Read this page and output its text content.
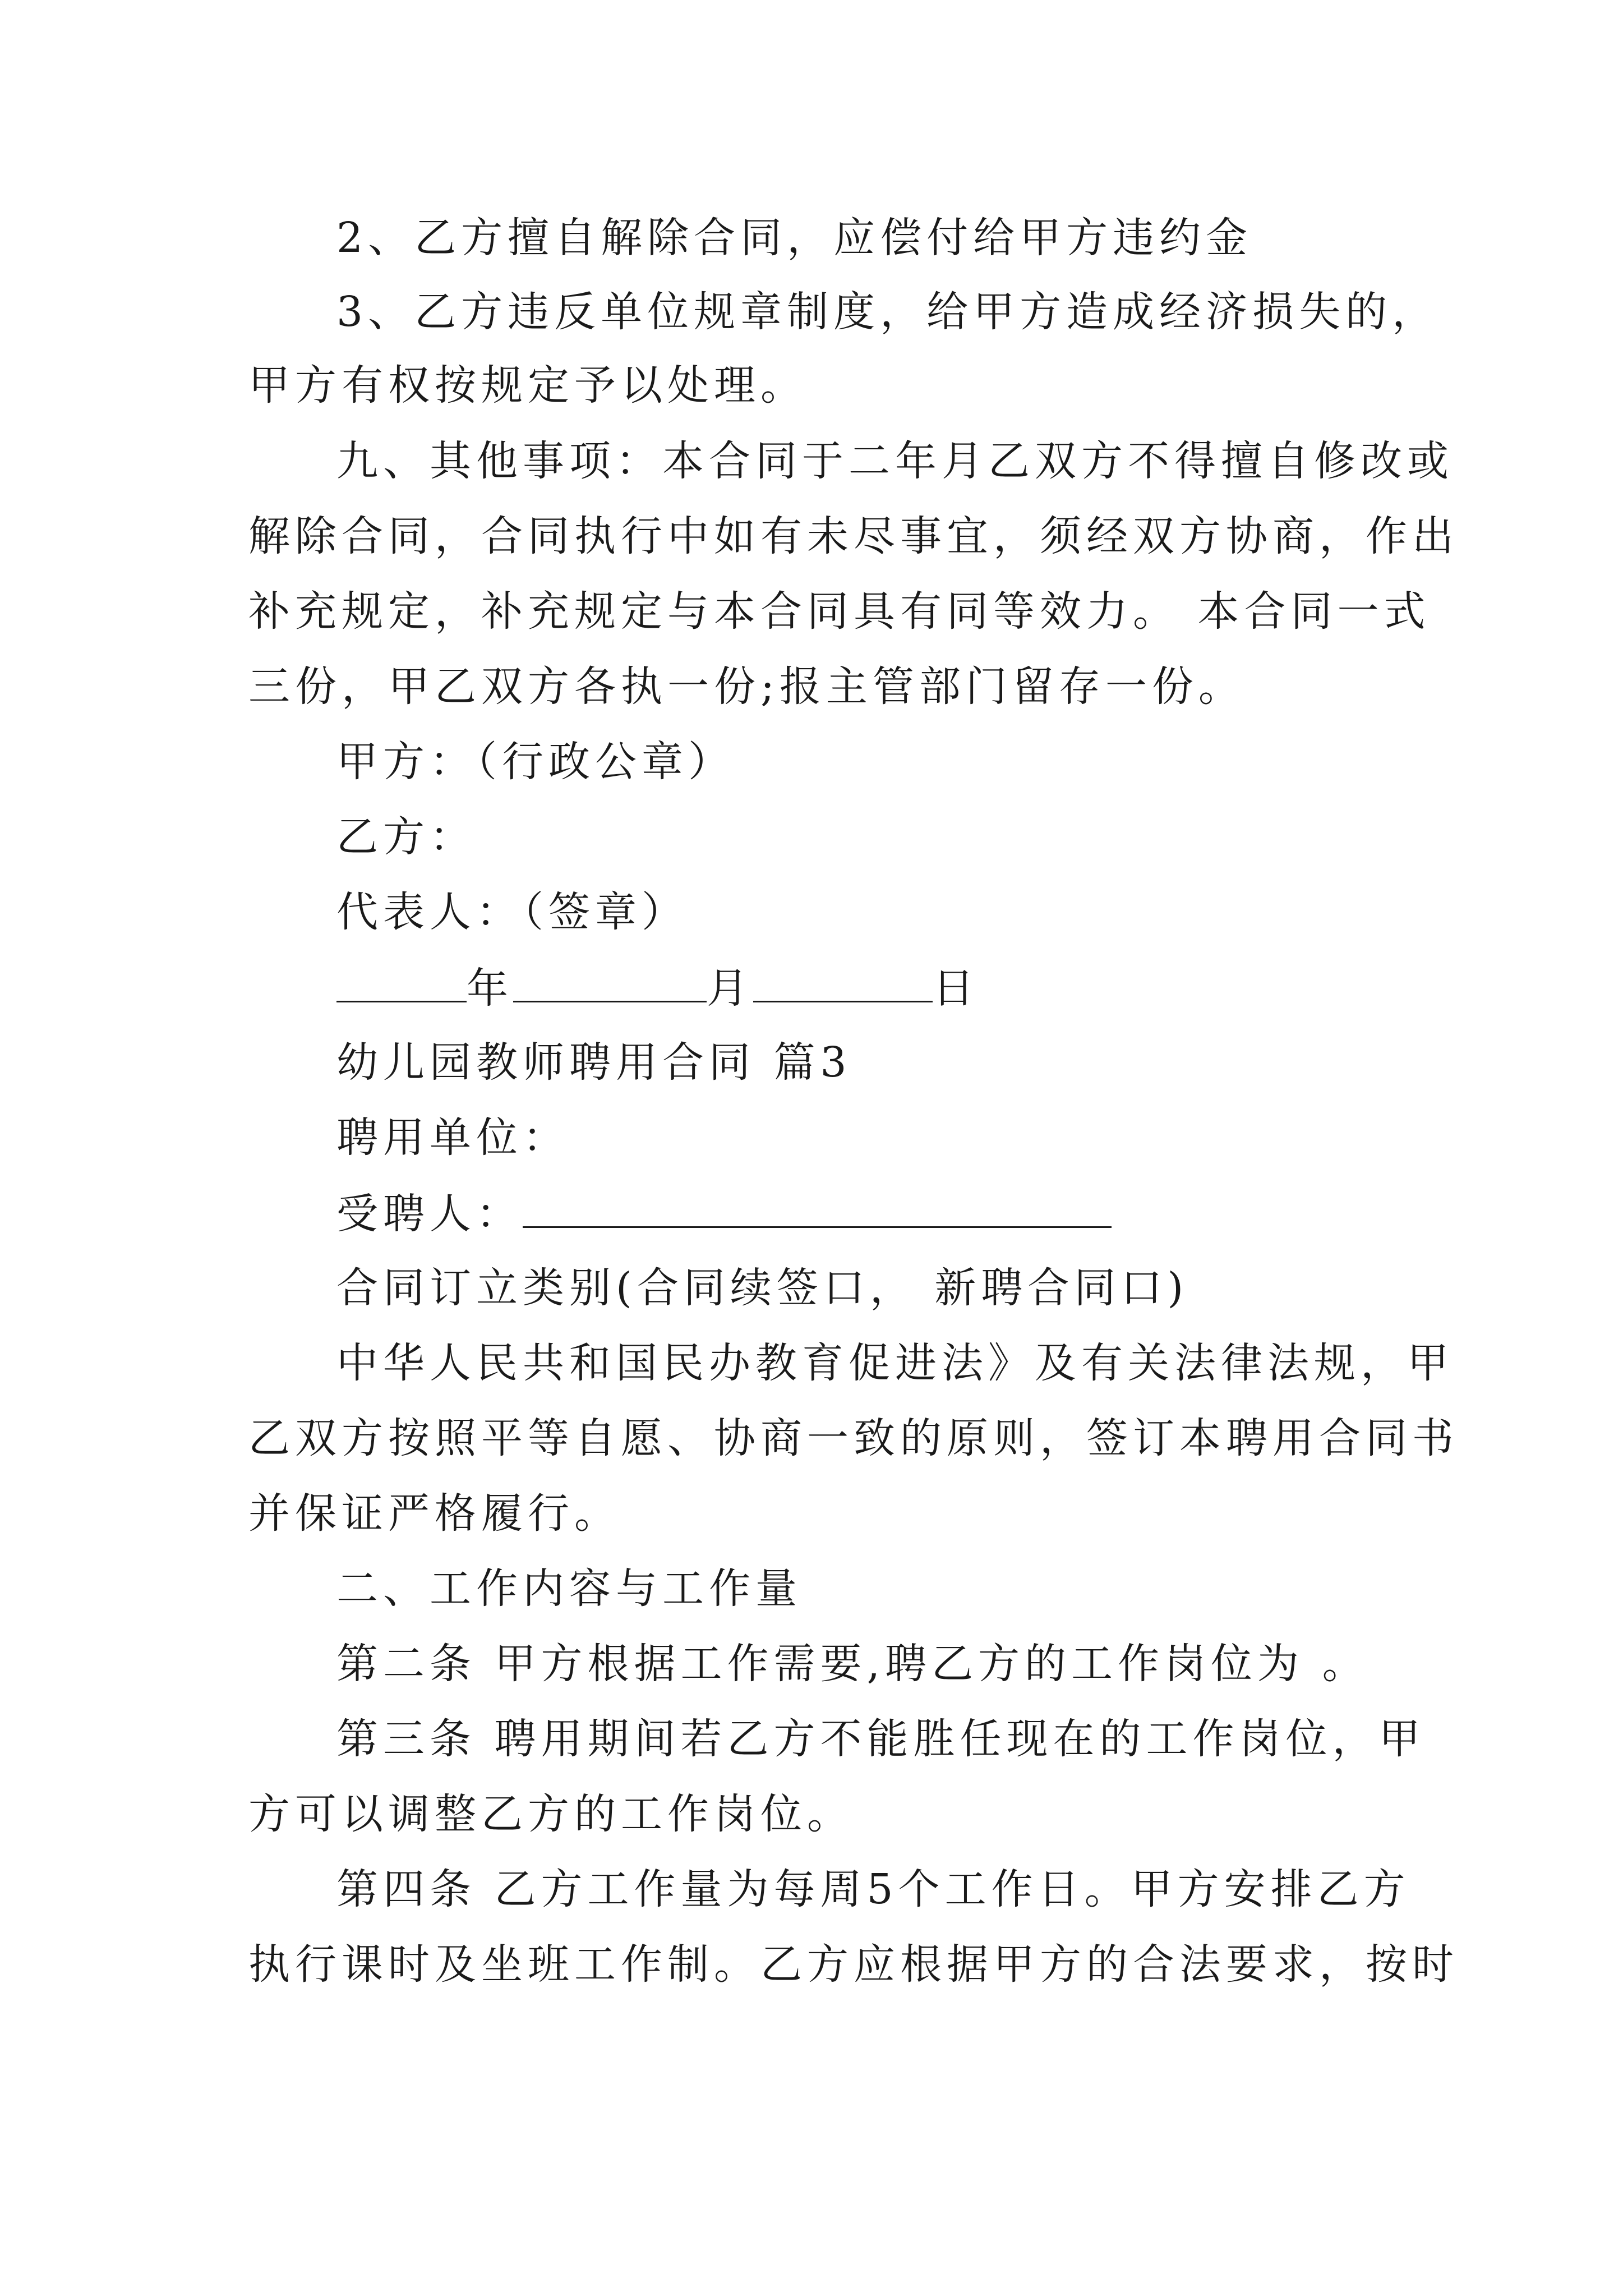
2、乙方擅自解除合同，应偿付给甲方违约金
3、乙方违反单位规章制度，给甲方造成经济损失的，
甲方有权按规定予以处理。
九、其他事项：本合同于二年月乙双方不得擅自修改或
解除合同，合同执行中如有未尽事宜，须经双方协商，作出
补充规定，补充规定与本合同具有同等效力。 本合同一式
三份，甲乙双方各执一份;报主管部门留存一份。
甲方：（行政公章）
乙方：
代表人：（签章）
年	月	日
幼儿园教师聘用合同 篇3
聘用单位：
受聘人：
合同订立类别(合同续签口， 新聘合同口)
中华人民共和国民办教育促进法》及有关法律法规，甲
乙双方按照平等自愿、协商一致的原则，签订本聘用合同书
并保证严格履行。
二、工作内容与工作量
第二条 甲方根据工作需要,聘乙方的工作岗位为 。
第三条 聘用期间若乙方不能胜任现在的工作岗位，甲
方可以调整乙方的工作岗位。
第四条 乙方工作量为每周5个工作日。甲方安排乙方
执行课时及坐班工作制。乙方应根据甲方的合法要求，按时
